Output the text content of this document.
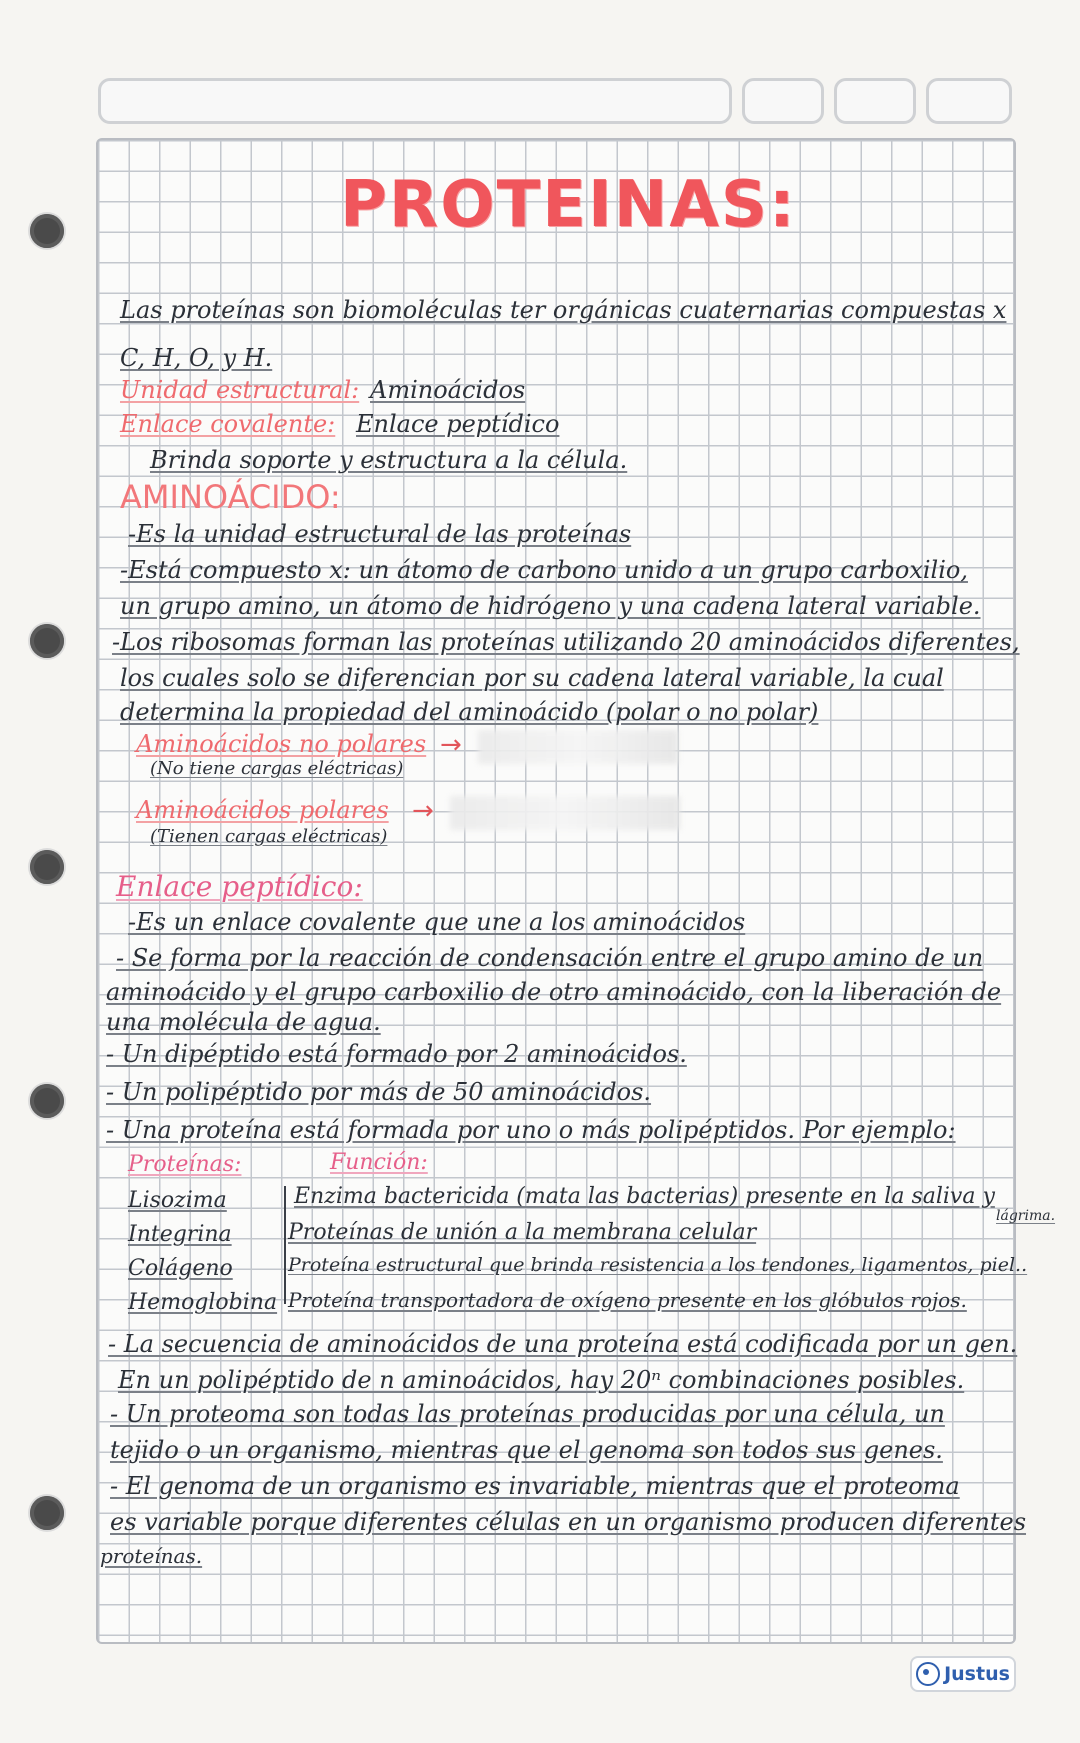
PROTEINAS:
Las proteínas son biomoléculas ter orgánicas cuaternarias compuestas x
C, H, O, y H.
Unidad estructural: Aminoácidos
Enlace covalente: Enlace peptídico
Brinda soporte y estructura a la célula.
AMINOÁCIDO:
-Es la unidad estructural de las proteínas
-Está compuesto x: un átomo de carbono unido a un grupo carboxilio,
un grupo amino, un átomo de hidrógeno y una cadena lateral variable.
-Los ribosomas forman las proteínas utilizando 20 aminoácidos diferentes,
los cuales solo se diferencian por su cadena lateral variable, la cual
determina la propiedad del aminoácido (polar o no polar)
Aminoácidos no polares →
(No tiene cargas eléctricas)
Aminoácidos polares →
(Tienen cargas eléctricas)
Enlace peptídico:
-Es un enlace covalente que une a los aminoácidos
- Se forma por la reacción de condensación entre el grupo amino de un
aminoácido y el grupo carboxilio de otro aminoácido, con la liberación de
una molécula de agua.
- Un dipéptido está formado por 2 aminoácidos.
- Un polipéptido por más de 50 aminoácidos.
- Una proteína está formada por uno o más polipéptidos. Por ejemplo:
Proteínas:	Función:
Lisozima	Enzima bactericida (mata las bacterias) presente en la saliva y
lágrima.
Integrina	Proteínas de unión a la membrana celular
Colágeno	Proteína estructural que brinda resistencia a los tendones, ligamentos, piel..
Hemoglobina Proteína transportadora de oxígeno presente en los glóbulos rojos.
- La secuencia de aminoácidos de una proteína está codificada por un gen.
En un polipéptido de n aminoácidos, hay 20ⁿ combinaciones posibles.
- Un proteoma son todas las proteínas producidas por una célula, un
tejido o un organismo, mientras que el genoma son todos sus genes.
- El genoma de un organismo es invariable, mientras que el proteoma
es variable porque diferentes células en un organismo producen diferentes
proteínas.
Justus
